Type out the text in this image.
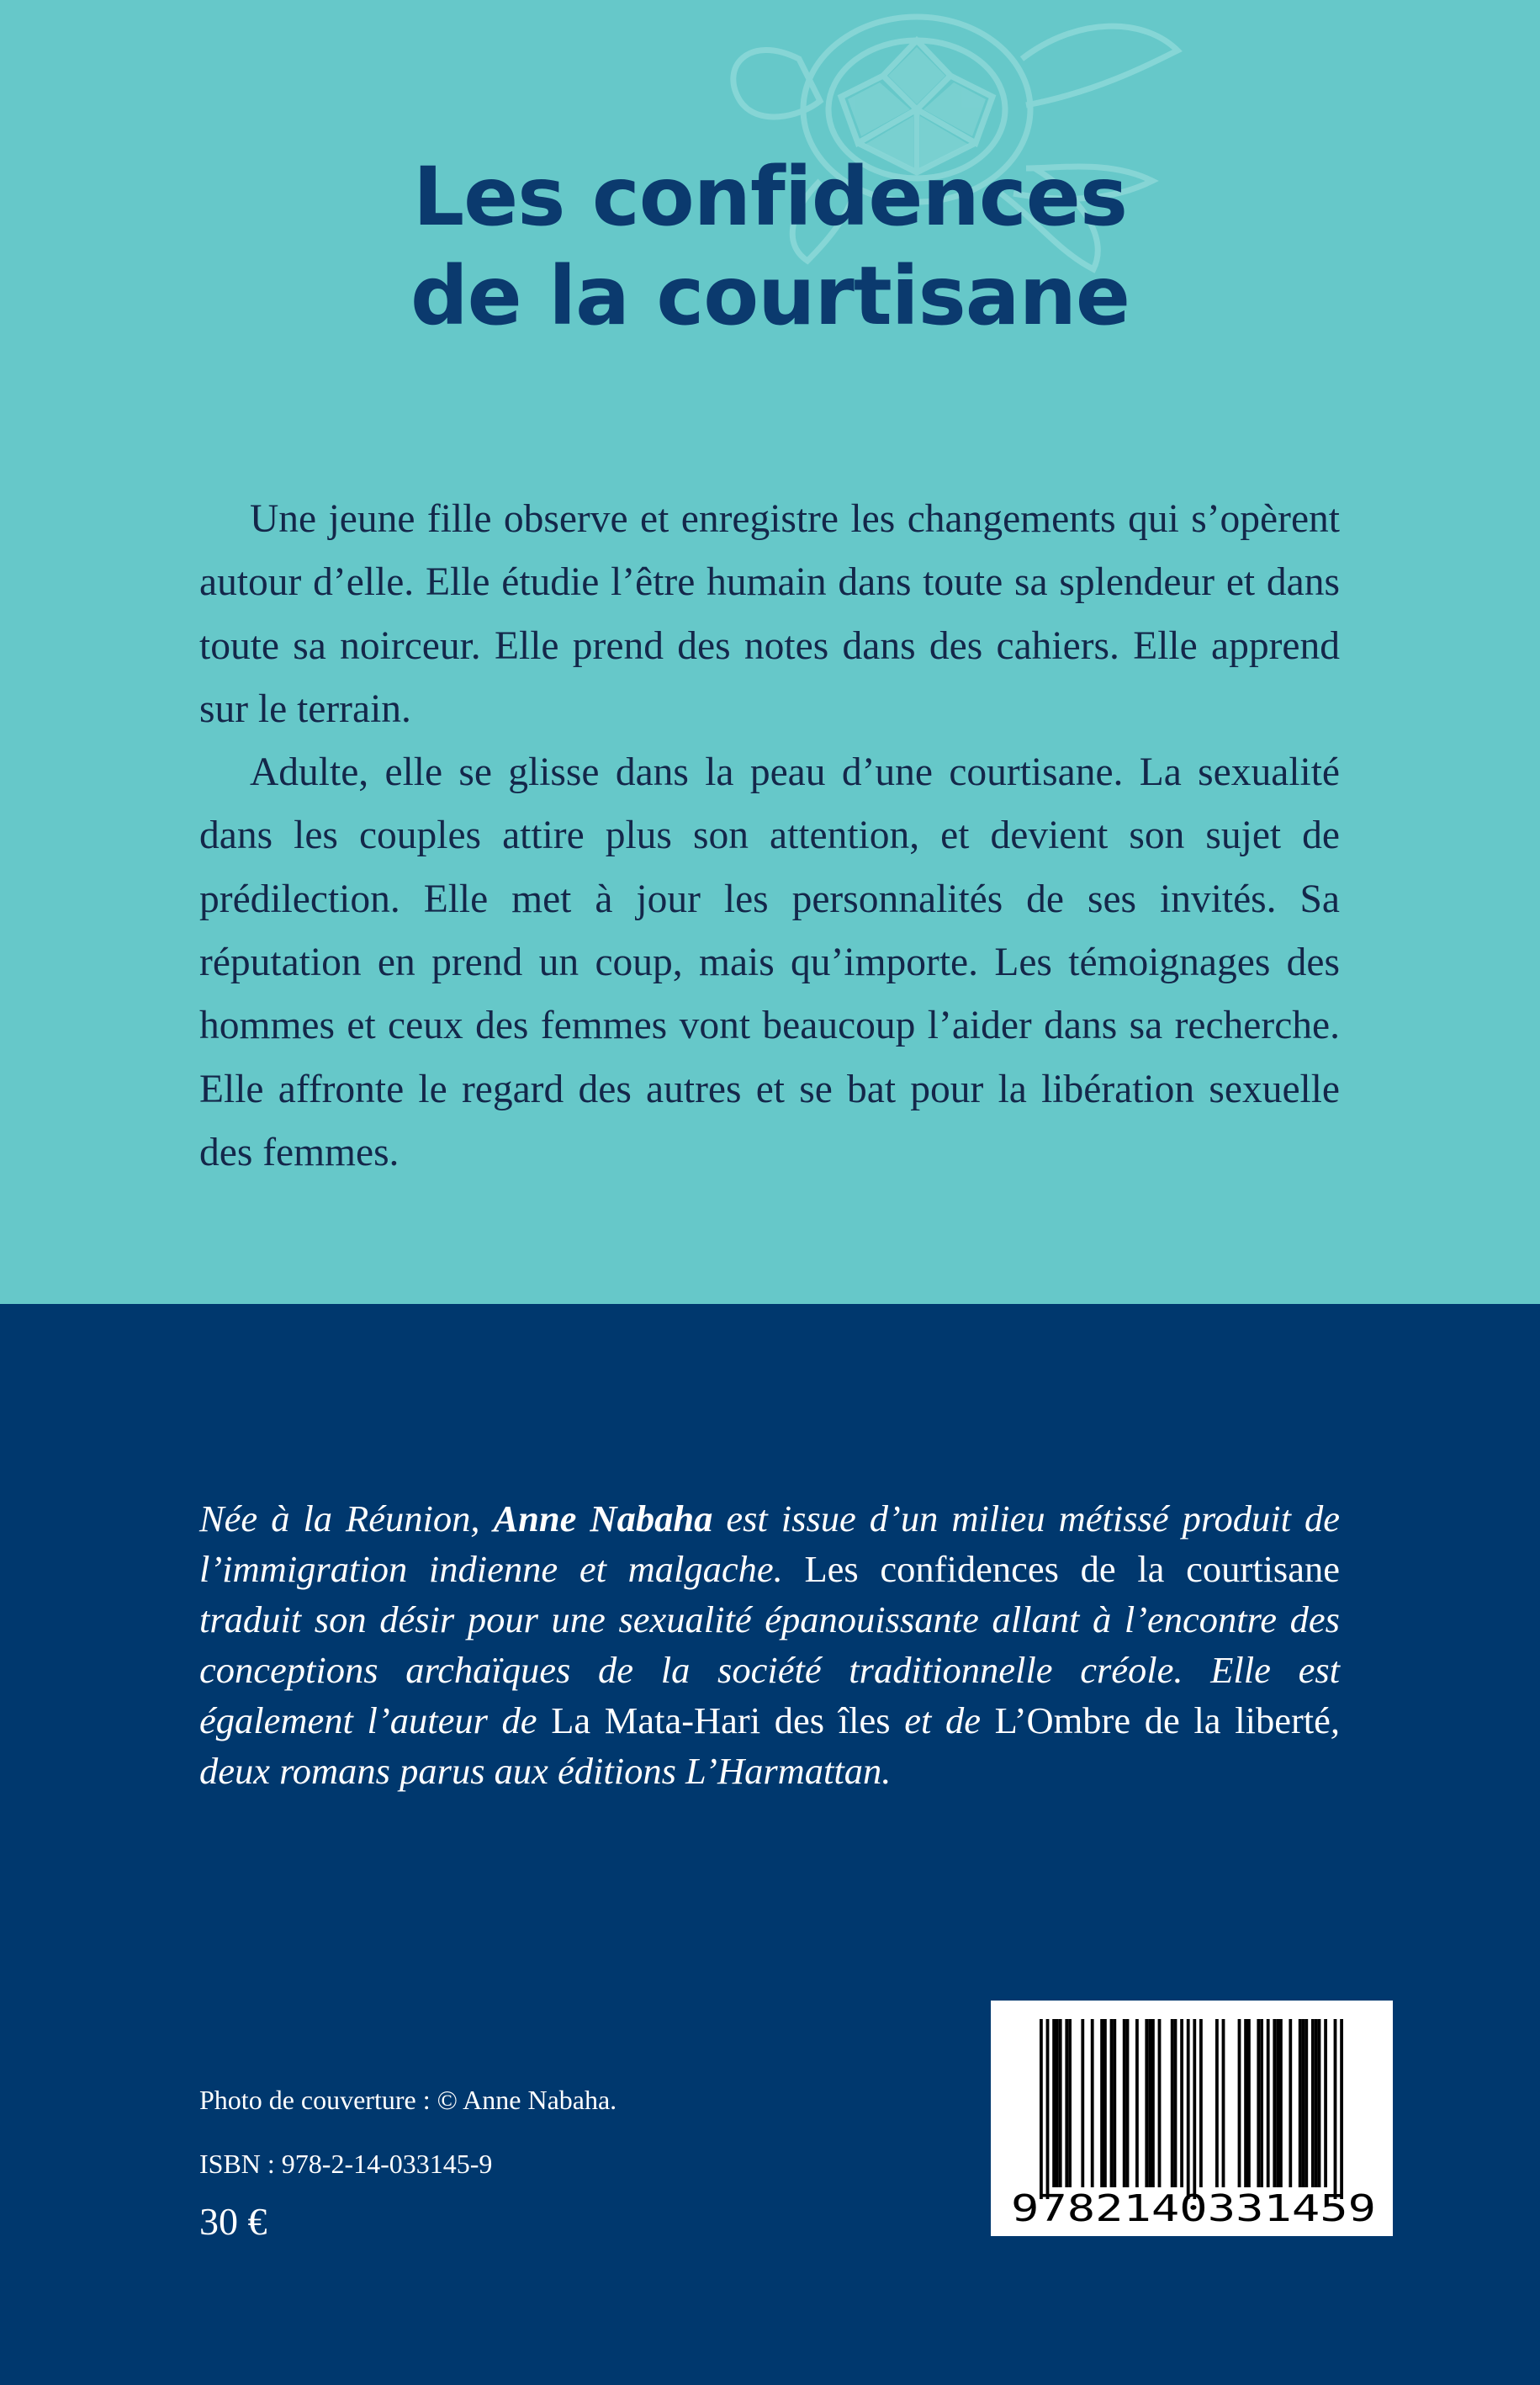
Les confidences
de la courtisane

Une jeune fille observe et enregistre les changements qui s’opèrent autour d’elle. Elle étudie l’être humain dans toute sa splendeur et dans toute sa noirceur. Elle prend des notes dans des cahiers. Elle apprend sur le terrain.

Adulte, elle se glisse dans la peau d’une courtisane. La sexualité dans les couples attire plus son attention, et devient son sujet de prédilection. Elle met à jour les personnalités de ses invités. Sa réputation en prend un coup, mais qu’importe. Les témoignages des hommes et ceux des femmes vont beaucoup l’aider dans sa recherche. Elle affronte le regard des autres et se bat pour la libération sexuelle des femmes.

Née à la Réunion, Anne Nabaha est issue d’un milieu métissé produit de l’immigration indienne et malgache. Les confidences de la courtisane traduit son désir pour une sexualité épanouissante allant à l’encontre des conceptions archaïques de la société traditionnelle créole. Elle est également l’auteur de La Mata-Hari des îles et de L’Ombre de la liberté, deux romans parus aux éditions L’Harmattan.
Photo de couverture : © Anne Nabaha.
ISBN : 978-2-14-033145-9
30 €	9782140331459
